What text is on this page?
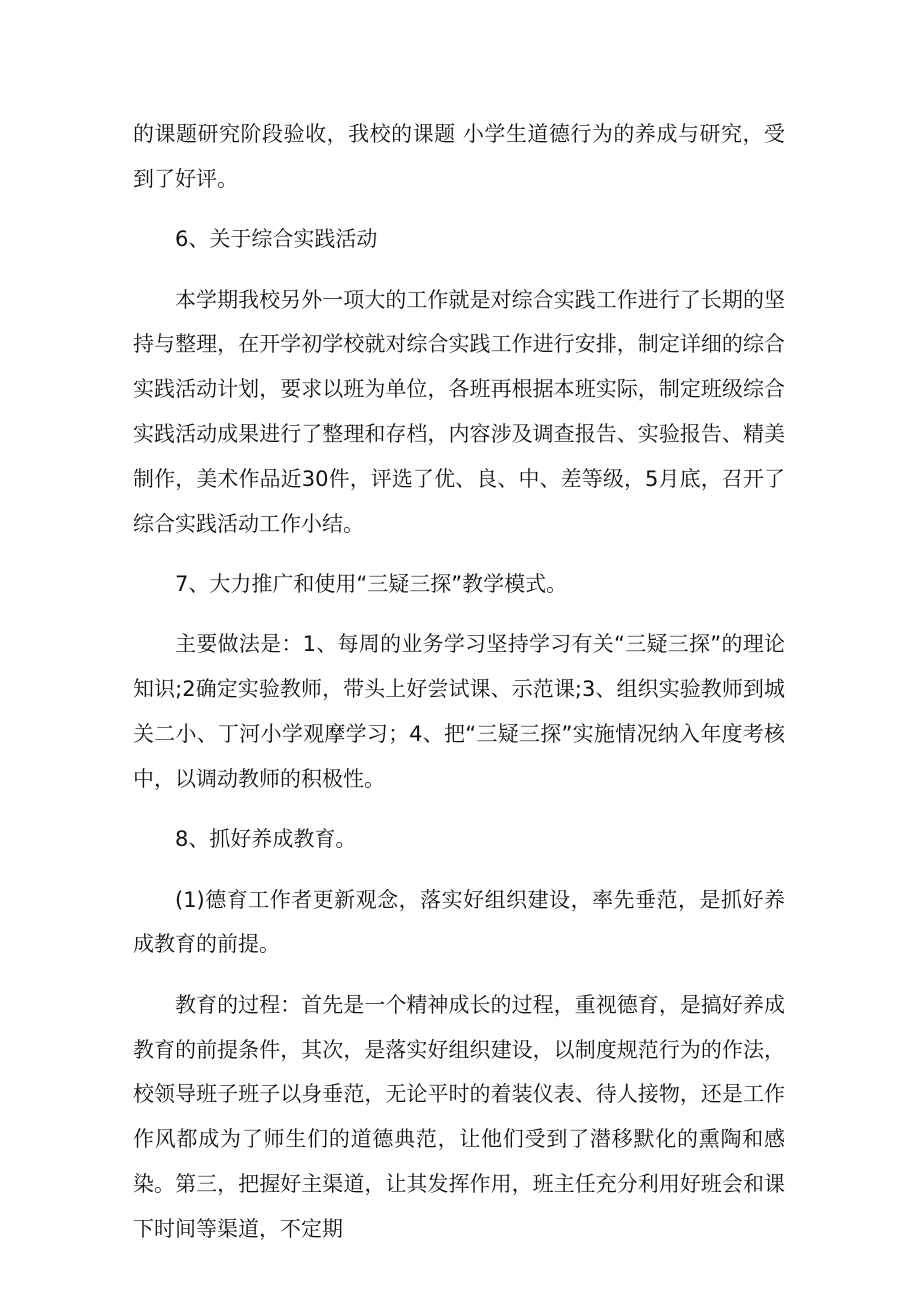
的课题研究阶段验收，我校的课题 小学生道德行为的养成与研究，受到了好评。

6、关于综合实践活动

本学期我校另外一项大的工作就是对综合实践工作进行了长期的坚持与整理，在开学初学校就对综合实践工作进行安排，制定详细的综合实践活动计划，要求以班为单位，各班再根据本班实际，制定班级综合实践活动成果进行了整理和存档，内容涉及调查报告、实验报告、精美制作，美术作品近30件，评选了优、良、中、差等级，5月底，召开了综合实践活动工作小结。

7、大力推广和使用“三疑三探”教学模式。

主要做法是：1、每周的业务学习坚持学习有关“三疑三探”的理论知识;2确定实验教师，带头上好尝试课、示范课;3、组织实验教师到城关二小、丁河小学观摩学习；4、把“三疑三探”实施情况纳入年度考核中，以调动教师的积极性。

8、抓好养成教育。

(1)德育工作者更新观念，落实好组织建设，率先垂范，是抓好养成教育的前提。

教育的过程：首先是一个精神成长的过程，重视德育，是搞好养成教育的前提条件，其次，是落实好组织建设，以制度规范行为的作法，校领导班子班子以身垂范，无论平时的着装仪表、待人接物，还是工作作风都成为了师生们的道德典范，让他们受到了潜移默化的熏陶和感染。第三，把握好主渠道，让其发挥作用，班主任充分利用好班会和课下时间等渠道，不定期
